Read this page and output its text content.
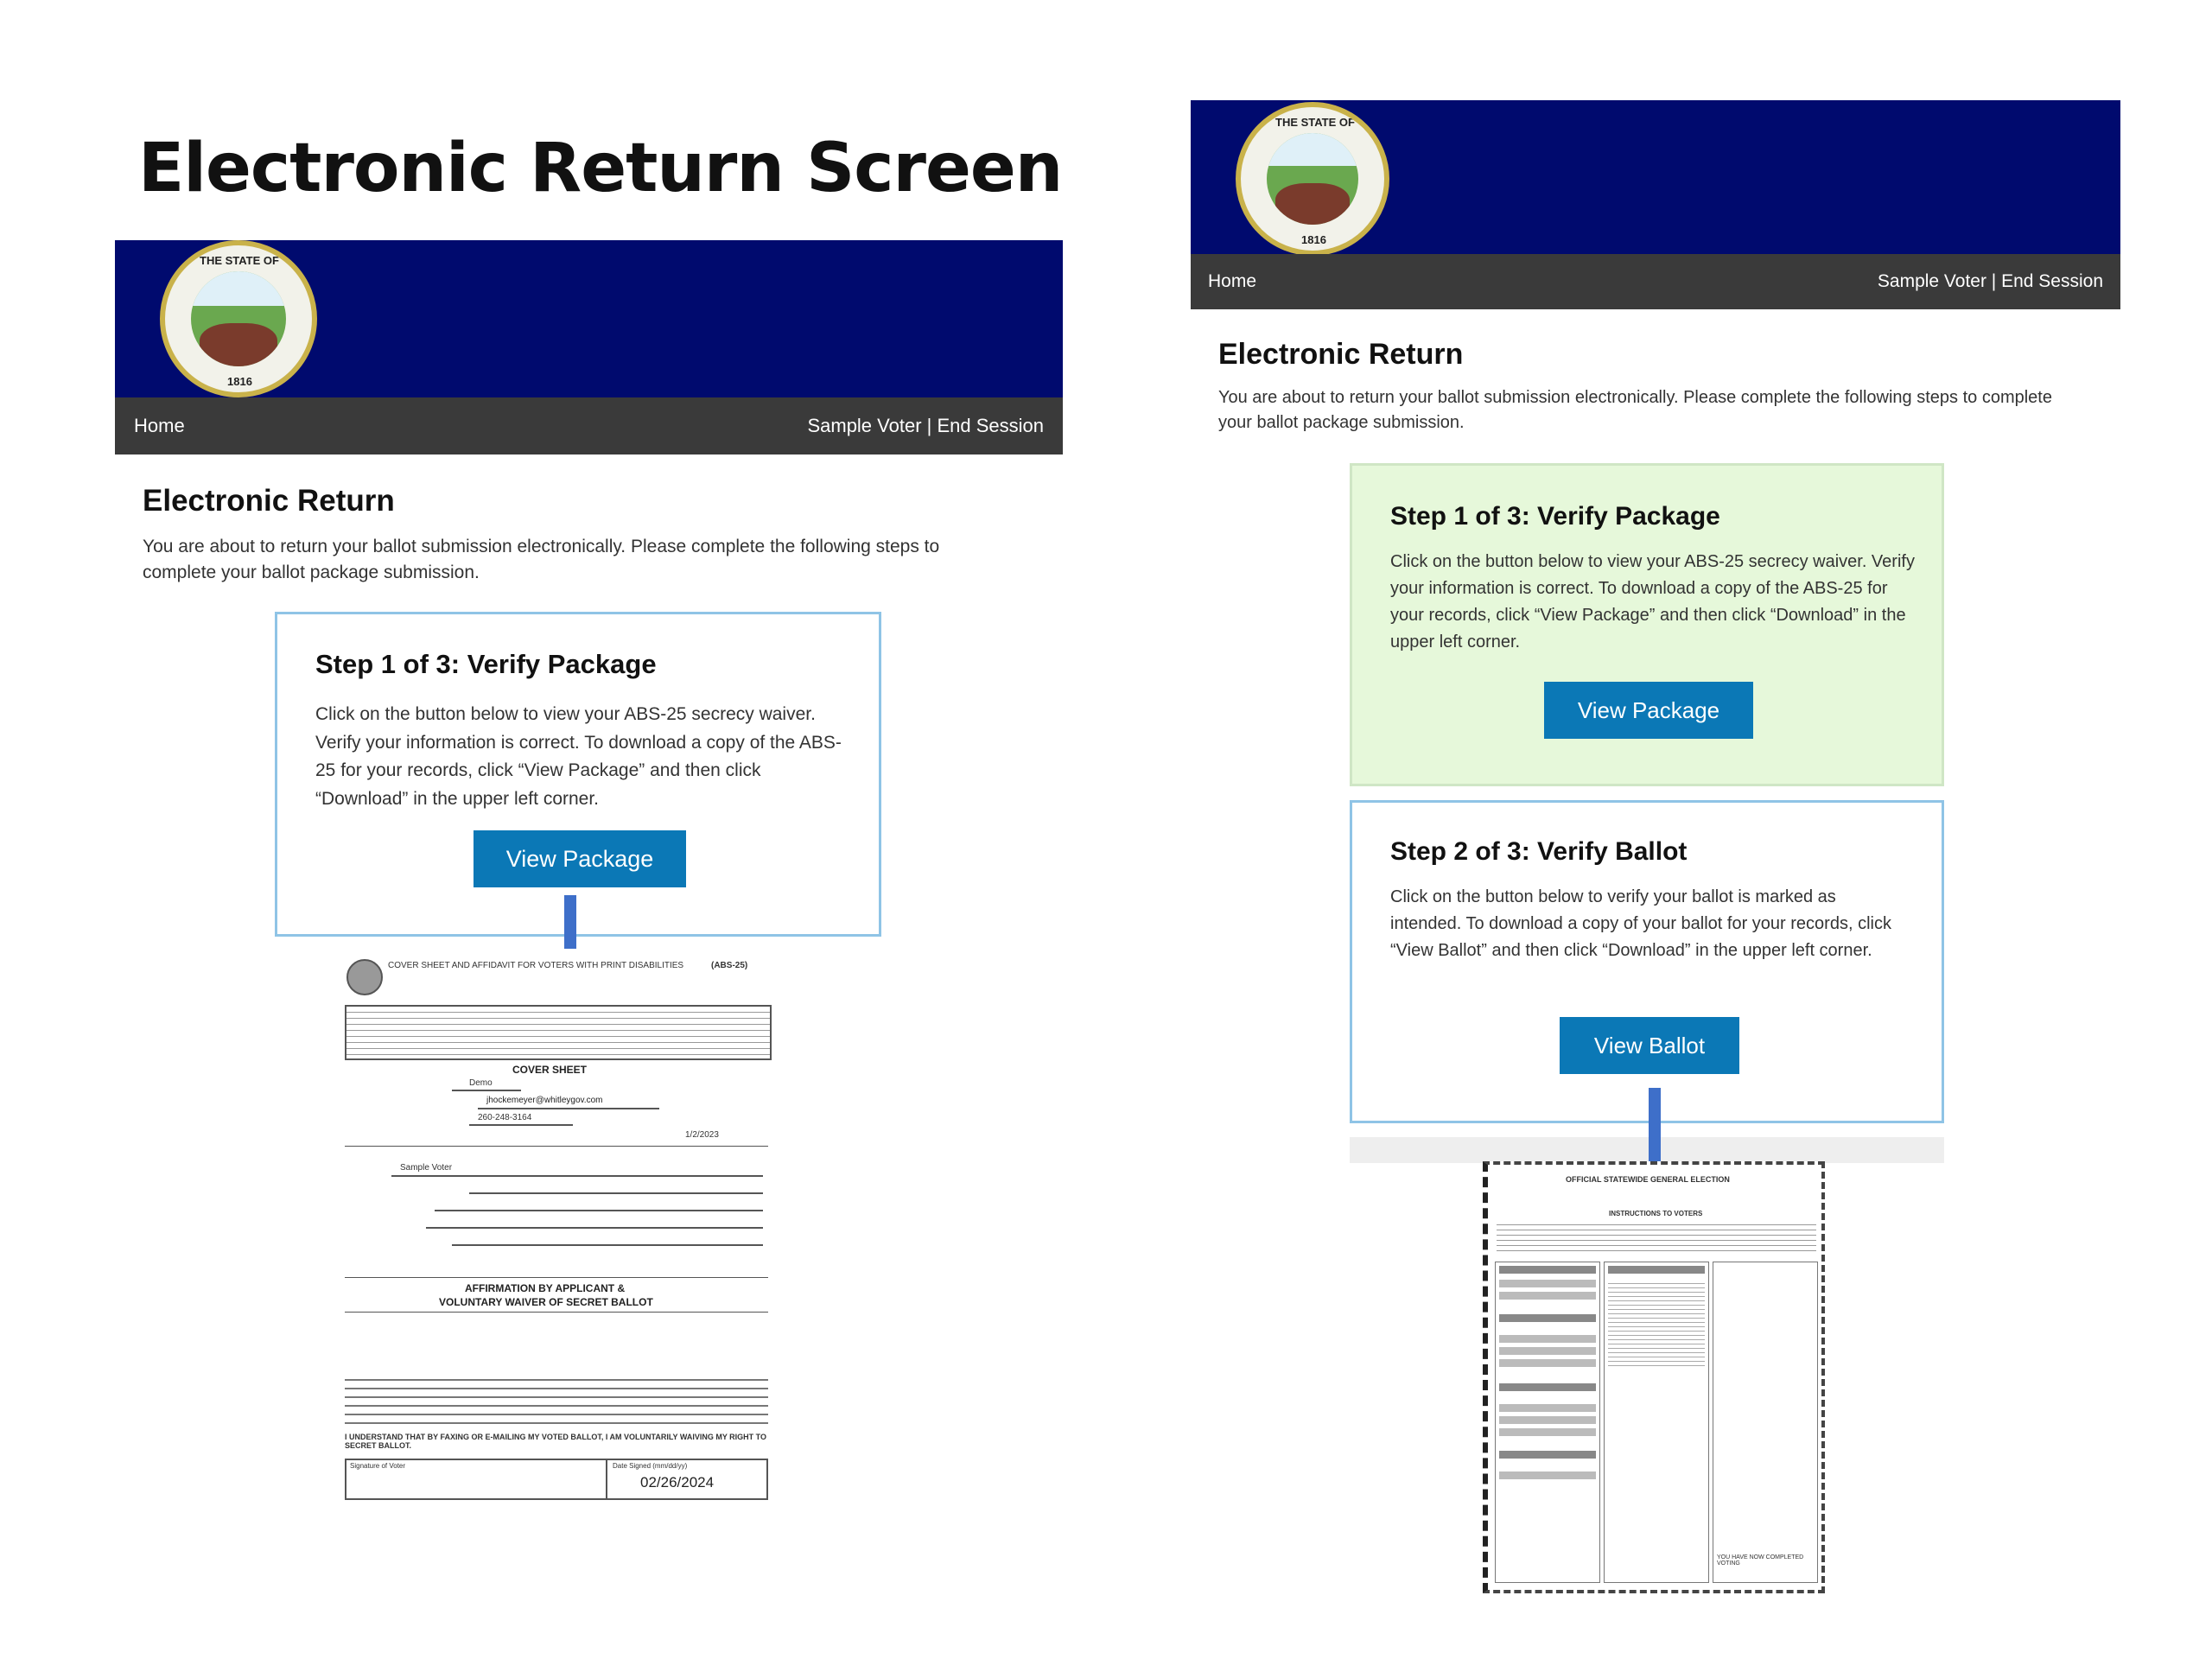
Electronic Return Screen
THE STATE OF
1816
Home	Sample Voter | End Session
Electronic Return
You are about to return your ballot submission electronically. Please complete the following steps to complete your ballot package submission.
Step 1 of 3: Verify Package
Click on the button below to view your ABS-25 secrecy waiver. Verify your information is correct. To download a copy of the ABS-25 for your records, click “View Package” and then click “Download” in the upper left corner.
View Package
COVER SHEET AND AFFIDAVIT FOR VOTERS WITH PRINT DISABILITIES	(ABS-25)
COVER SHEET
Demo
jhockemeyer@whitleygov.com
260-248-3164
1/2/2023
Sample Voter
AFFIRMATION BY APPLICANT &
VOLUNTARY WAIVER OF SECRET BALLOT
I UNDERSTAND THAT BY FAXING OR E-MAILING MY VOTED BALLOT, I AM VOLUNTARILY WAIVING MY RIGHT TO SECRET BALLOT.
Signature of Voter	Date Signed (mm/dd/yy)
02/26/2024
THE STATE OF
1816
Home	Sample Voter | End Session
Electronic Return
You are about to return your ballot submission electronically. Please complete the following steps to complete your ballot package submission.
Step 1 of 3: Verify Package
Click on the button below to view your ABS-25 secrecy waiver. Verify your information is correct. To download a copy of the ABS-25 for your records, click “View Package” and then click “Download” in the upper left corner.
View Package
Step 2 of 3: Verify Ballot
Click on the button below to verify your ballot is marked as intended. To download a copy of your ballot for your records, click “View Ballot” and then click “Download” in the upper left corner.
View Ballot
OFFICIAL STATEWIDE GENERAL ELECTION
INSTRUCTIONS TO VOTERS
YOU HAVE NOW COMPLETED VOTING
